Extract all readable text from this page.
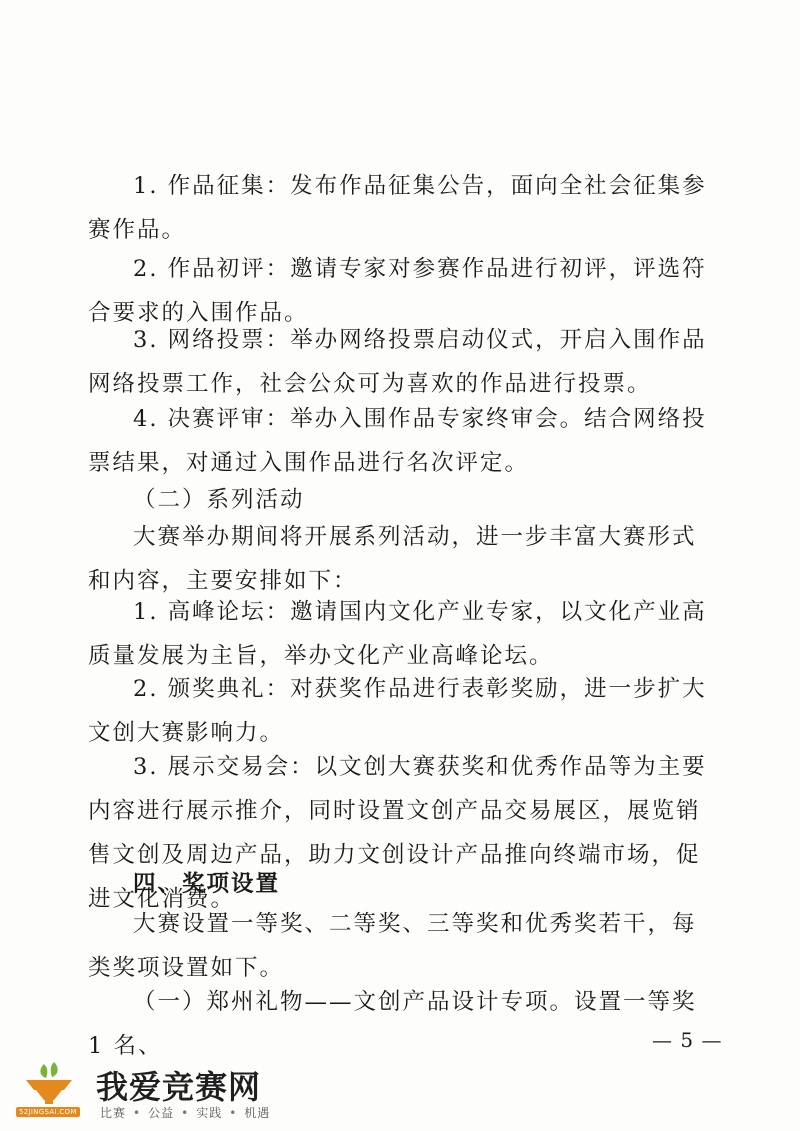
1. 作品征集：发布作品征集公告，面向全社会征集参赛作品。

2. 作品初评：邀请专家对参赛作品进行初评，评选符合要求的入围作品。

3. 网络投票：举办网络投票启动仪式，开启入围作品网络投票工作，社会公众可为喜欢的作品进行投票。

4. 决赛评审：举办入围作品专家终审会。结合网络投票结果，对通过入围作品进行名次评定。

（二）系列活动

大赛举办期间将开展系列活动，进一步丰富大赛形式和内容，主要安排如下：

1. 高峰论坛：邀请国内文化产业专家，以文化产业高质量发展为主旨，举办文化产业高峰论坛。

2. 颁奖典礼：对获奖作品进行表彰奖励，进一步扩大文创大赛影响力。

3. 展示交易会：以文创大赛获奖和优秀作品等为主要内容进行展示推介，同时设置文创产品交易展区，展览销售文创及周边产品，助力文创设计产品推向终端市场，促进文化消费。

四、奖项设置

大赛设置一等奖、二等奖、三等奖和优秀奖若干，每类奖项设置如下。

（一）郑州礼物——文创产品设计专项。设置一等奖 1 名、	— 5 —
52JINGSAI.COM
我爱竞赛网
比赛 • 公益 • 实践 • 机遇
